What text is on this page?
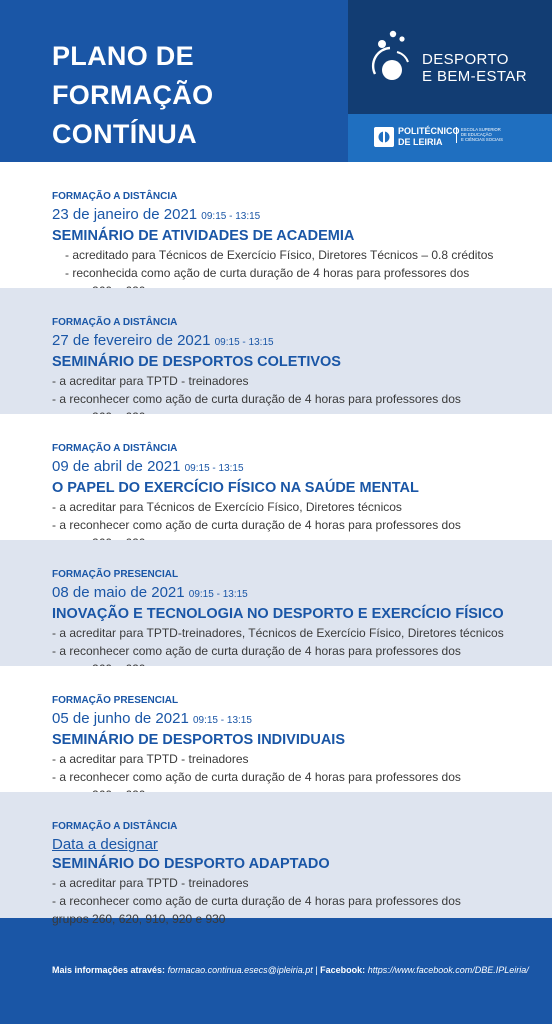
PLANO DE
FORMAÇÃO
CONTÍNUA
DESPORTO
E BEM-ESTAR
POLITÉCNICO
DE LEIRIA
ESCOLA SUPERIOR
DE EDUCAÇÃO
E CIÊNCIAS SOCIAIS
FORMAÇÃO A DISTÂNCIA
23 de janeiro de 2021 09:15 - 13:15
SEMINÁRIO DE ATIVIDADES DE ACADEMIA
- acreditado para Técnicos de Exercício Físico, Diretores Técnicos – 0.8 créditos
- reconhecida como ação de curta duração de 4 horas para professores dos
FORMAÇÃO A DISTÂNCIA
27 de fevereiro de 2021 09:15 - 13:15
SEMINÁRIO DE DESPORTOS COLETIVOS
- a acreditar para TPTD - treinadores
- a reconhecer como ação de curta duração de 4 horas para professores dos
FORMAÇÃO A DISTÂNCIA
09 de abril de 2021 09:15 - 13:15
O PAPEL DO EXERCÍCIO FÍSICO NA SAÚDE MENTAL
- a acreditar para Técnicos de Exercício Físico, Diretores técnicos
- a reconhecer como ação de curta duração de 4 horas para professores dos
FORMAÇÃO PRESENCIAL
08 de maio de 2021 09:15 - 13:15
INOVAÇÃO E TECNOLOGIA NO DESPORTO E EXERCÍCIO FÍSICO
- a acreditar para TPTD-treinadores, Técnicos de Exercício Físico, Diretores técnicos
- a reconhecer como ação de curta duração de 4 horas para professores dos
FORMAÇÃO PRESENCIAL
05 de junho de 2021 09:15 - 13:15
SEMINÁRIO DE DESPORTOS INDIVIDUAIS
- a acreditar para TPTD - treinadores
- a reconhecer como ação de curta duração de 4 horas para professores dos
FORMAÇÃO A DISTÂNCIA
Data a designar
SEMINÁRIO DO DESPORTO ADAPTADO
- a acreditar para TPTD - treinadores
- a reconhecer como ação de curta duração de 4 horas para professores dos
grupos 260, 620, 910, 920 e 930
Mais informações através: formacao.continua.esecs@ipleiria.pt | Facebook: https://www.facebook.com/DBE.IPLeiria/
